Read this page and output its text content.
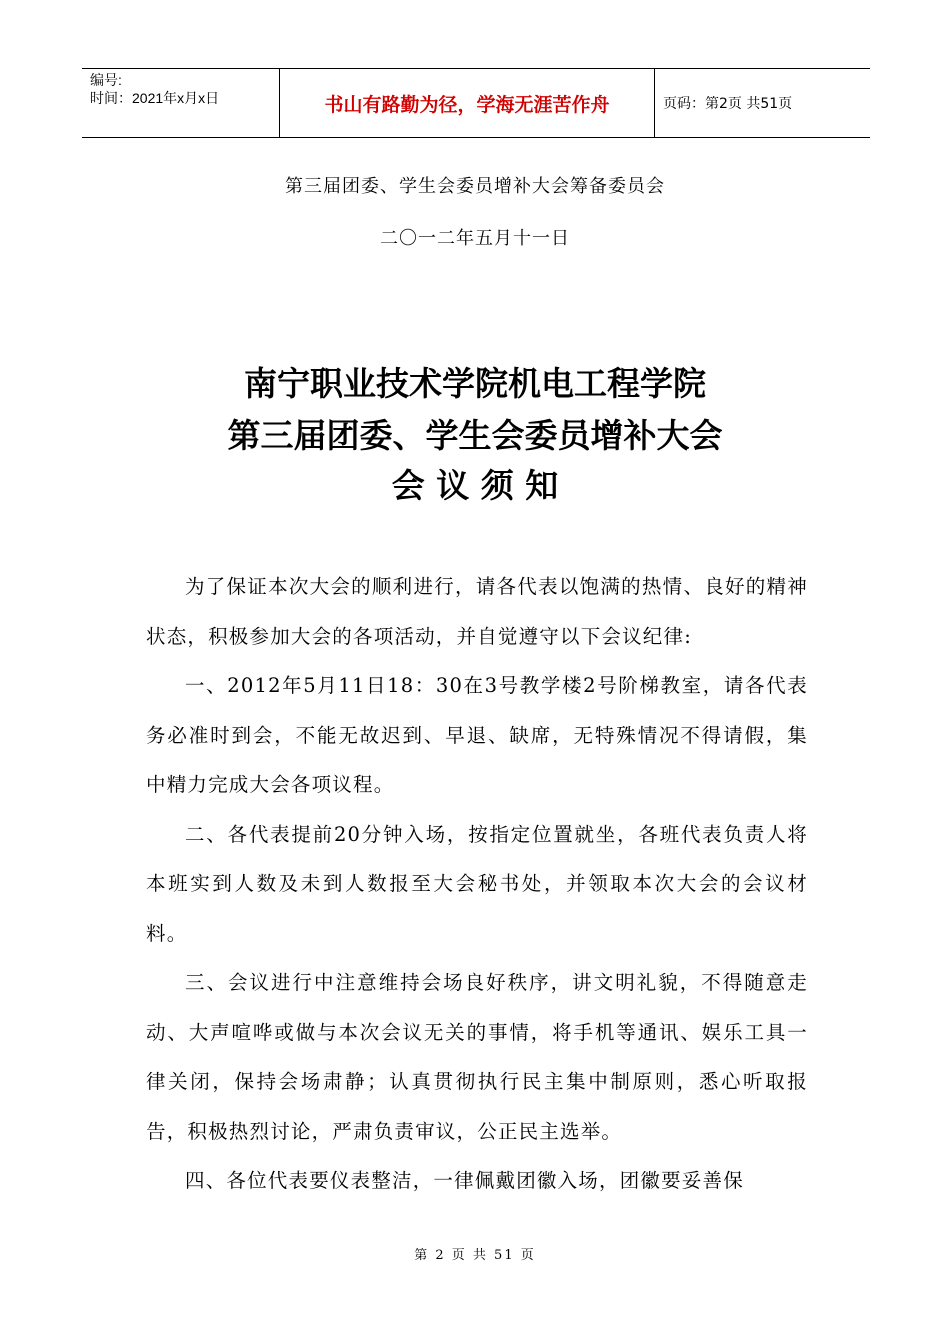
编号:
时间：2021年x月x日	书山有路勤为径，学海无涯苦作舟	页码：第2页 共51页
第三届团委、学生会委员增补大会筹备委员会
二〇一二年五月十一日
南宁职业技术学院机电工程学院
第三届团委、学生会委员增补大会
会 议 须 知

为了保证本次大会的顺利进行，请各代表以饱满的热情、良好的精神状态，积极参加大会的各项活动，并自觉遵守以下会议纪律:

一、2012年5月11日18：30在3号教学楼2号阶梯教室，请各代表务必准时到会，不能无故迟到、早退、缺席，无特殊情况不得请假，集中精力完成大会各项议程。

二、各代表提前20分钟入场，按指定位置就坐，各班代表负责人将本班实到人数及未到人数报至大会秘书处，并领取本次大会的会议材料。

三、会议进行中注意维持会场良好秩序，讲文明礼貌，不得随意走动、大声喧哗或做与本次会议无关的事情，将手机等通讯、娱乐工具一律关闭，保持会场肃静；认真贯彻执行民主集中制原则，悉心听取报告，积极热烈讨论，严肃负责审议，公正民主选举。

四、各位代表要仪表整洁，一律佩戴团徽入场，团徽要妥善保

第 2 页 共 51 页
